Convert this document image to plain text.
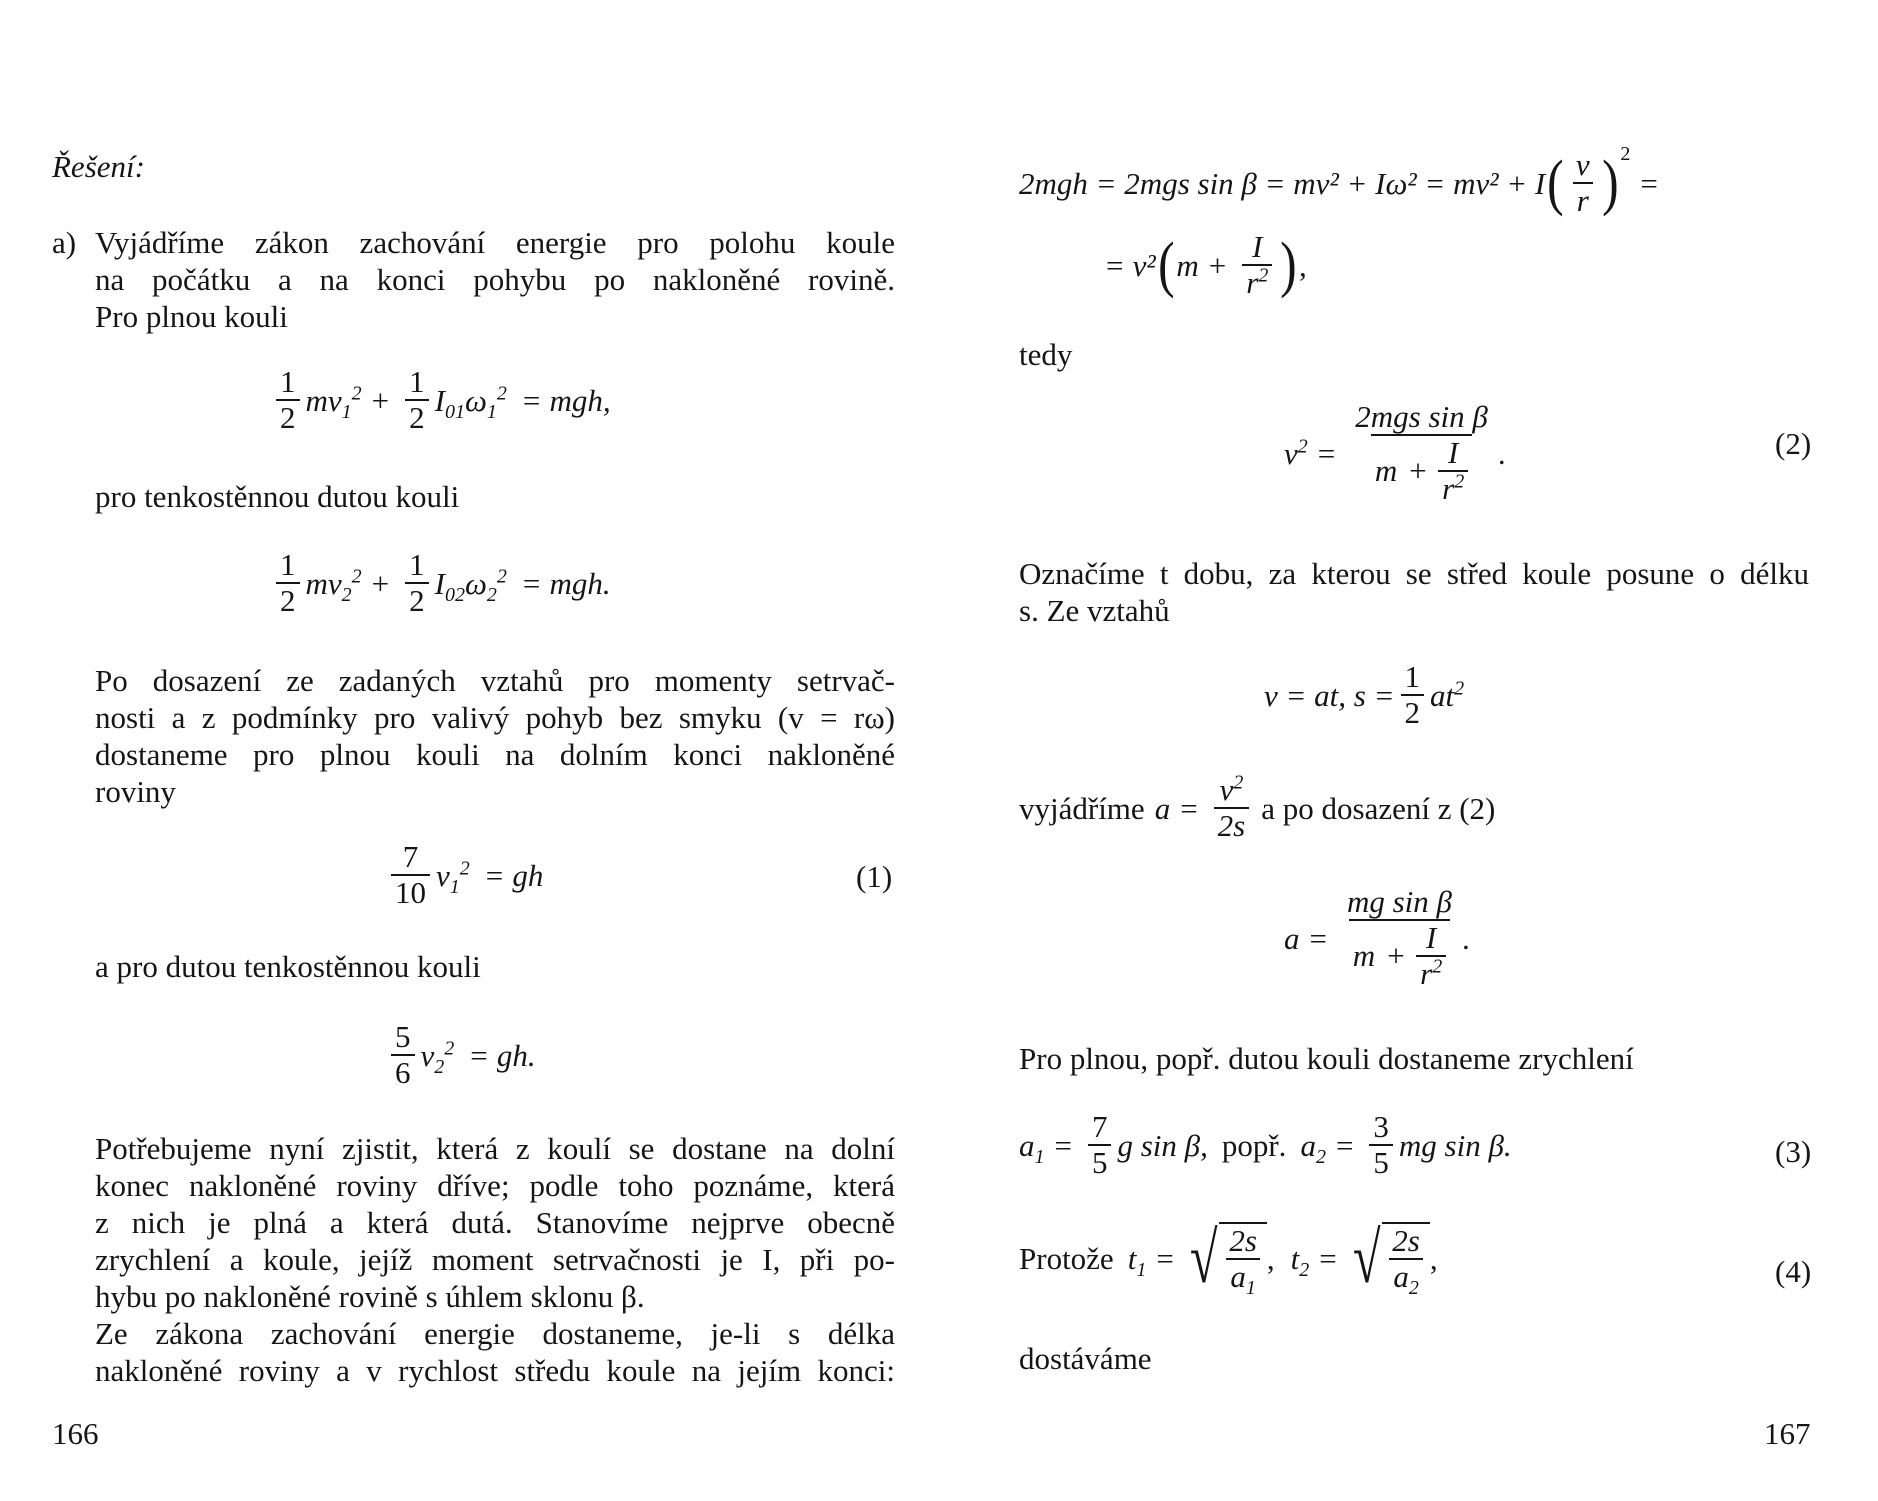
Řešení:
a) Vyjádříme zákon zachování energie pro polohu koule
na počátku a na konci pohybu po nakloněné rovině.
Pro plnou kouli
$\frac{1}{2} mv_1^2 + \frac{1}{2} I_{01}\omega_1^2$ = mgh,
pro tenkostěnnou dutou kouli
$\frac{1}{2} mv_2^2 + \frac{1}{2} I_{02}\omega_2^2$ = mgh.
Po dosazení ze zadaných vztahů pro momenty setrvač-
nosti a z podmínky pro valivý pohyb bez smyku (v = rω)
dostaneme pro plnou kouli na dolním konci nakloněné
roviny
$\frac{7}{10} v_1^2$ = gh	(1)
a pro dutou tenkostěnnou kouli
$\frac{5}{6} v_2^2$ = gh.
Potřebujeme nyní zjistit, která z koulí se dostane na dolní
konec nakloněné roviny dříve; podle toho poznáme, která
z nich je plná a která dutá. Stanovíme nejprve obecně
zrychlení a koule, jejíž moment setrvačnosti je I, při po-
hybu po nakloněné rovině s úhlem sklonu β.
Ze zákona zachování energie dostaneme, je-li s délka
nakloněné roviny a v rychlost středu koule na jejím konci:
166
2mgh = 2mgs sin β = mv² + Iω² = mv² + I ( $\frac{v}{r}$ ) 2
=
= v² ( $m + \frac{I}{r^2}$ ) ,
tedy
$v^2 = \frac{\text{2mgs sin β}}{m + \frac{I}{r^2}}$ .	(2)
Označíme t dobu, za kterou se střed koule posune o délku
s. Ze vztahů
v = at, $s = \frac{1}{2} at^2$
vyjádříme $a = \frac{v^2}{2s}$ a po dosazení z (2)
$a = \frac{\text{mg sin β}}{m + \frac{I}{r^2}}$ .
Pro plnou, popř. dutou kouli dostaneme zrychlení
$a_1 = \frac{7}{5}$ g sin β, popř. $a_2 = \frac{3}{5}$ mg sin β.	(3)
Protože $t_1$ = √ $\frac{2s}{a_1}$ , $t_2$ = √ $\frac{2s}{a_2}$ ,	(4)
dostáváme
167
